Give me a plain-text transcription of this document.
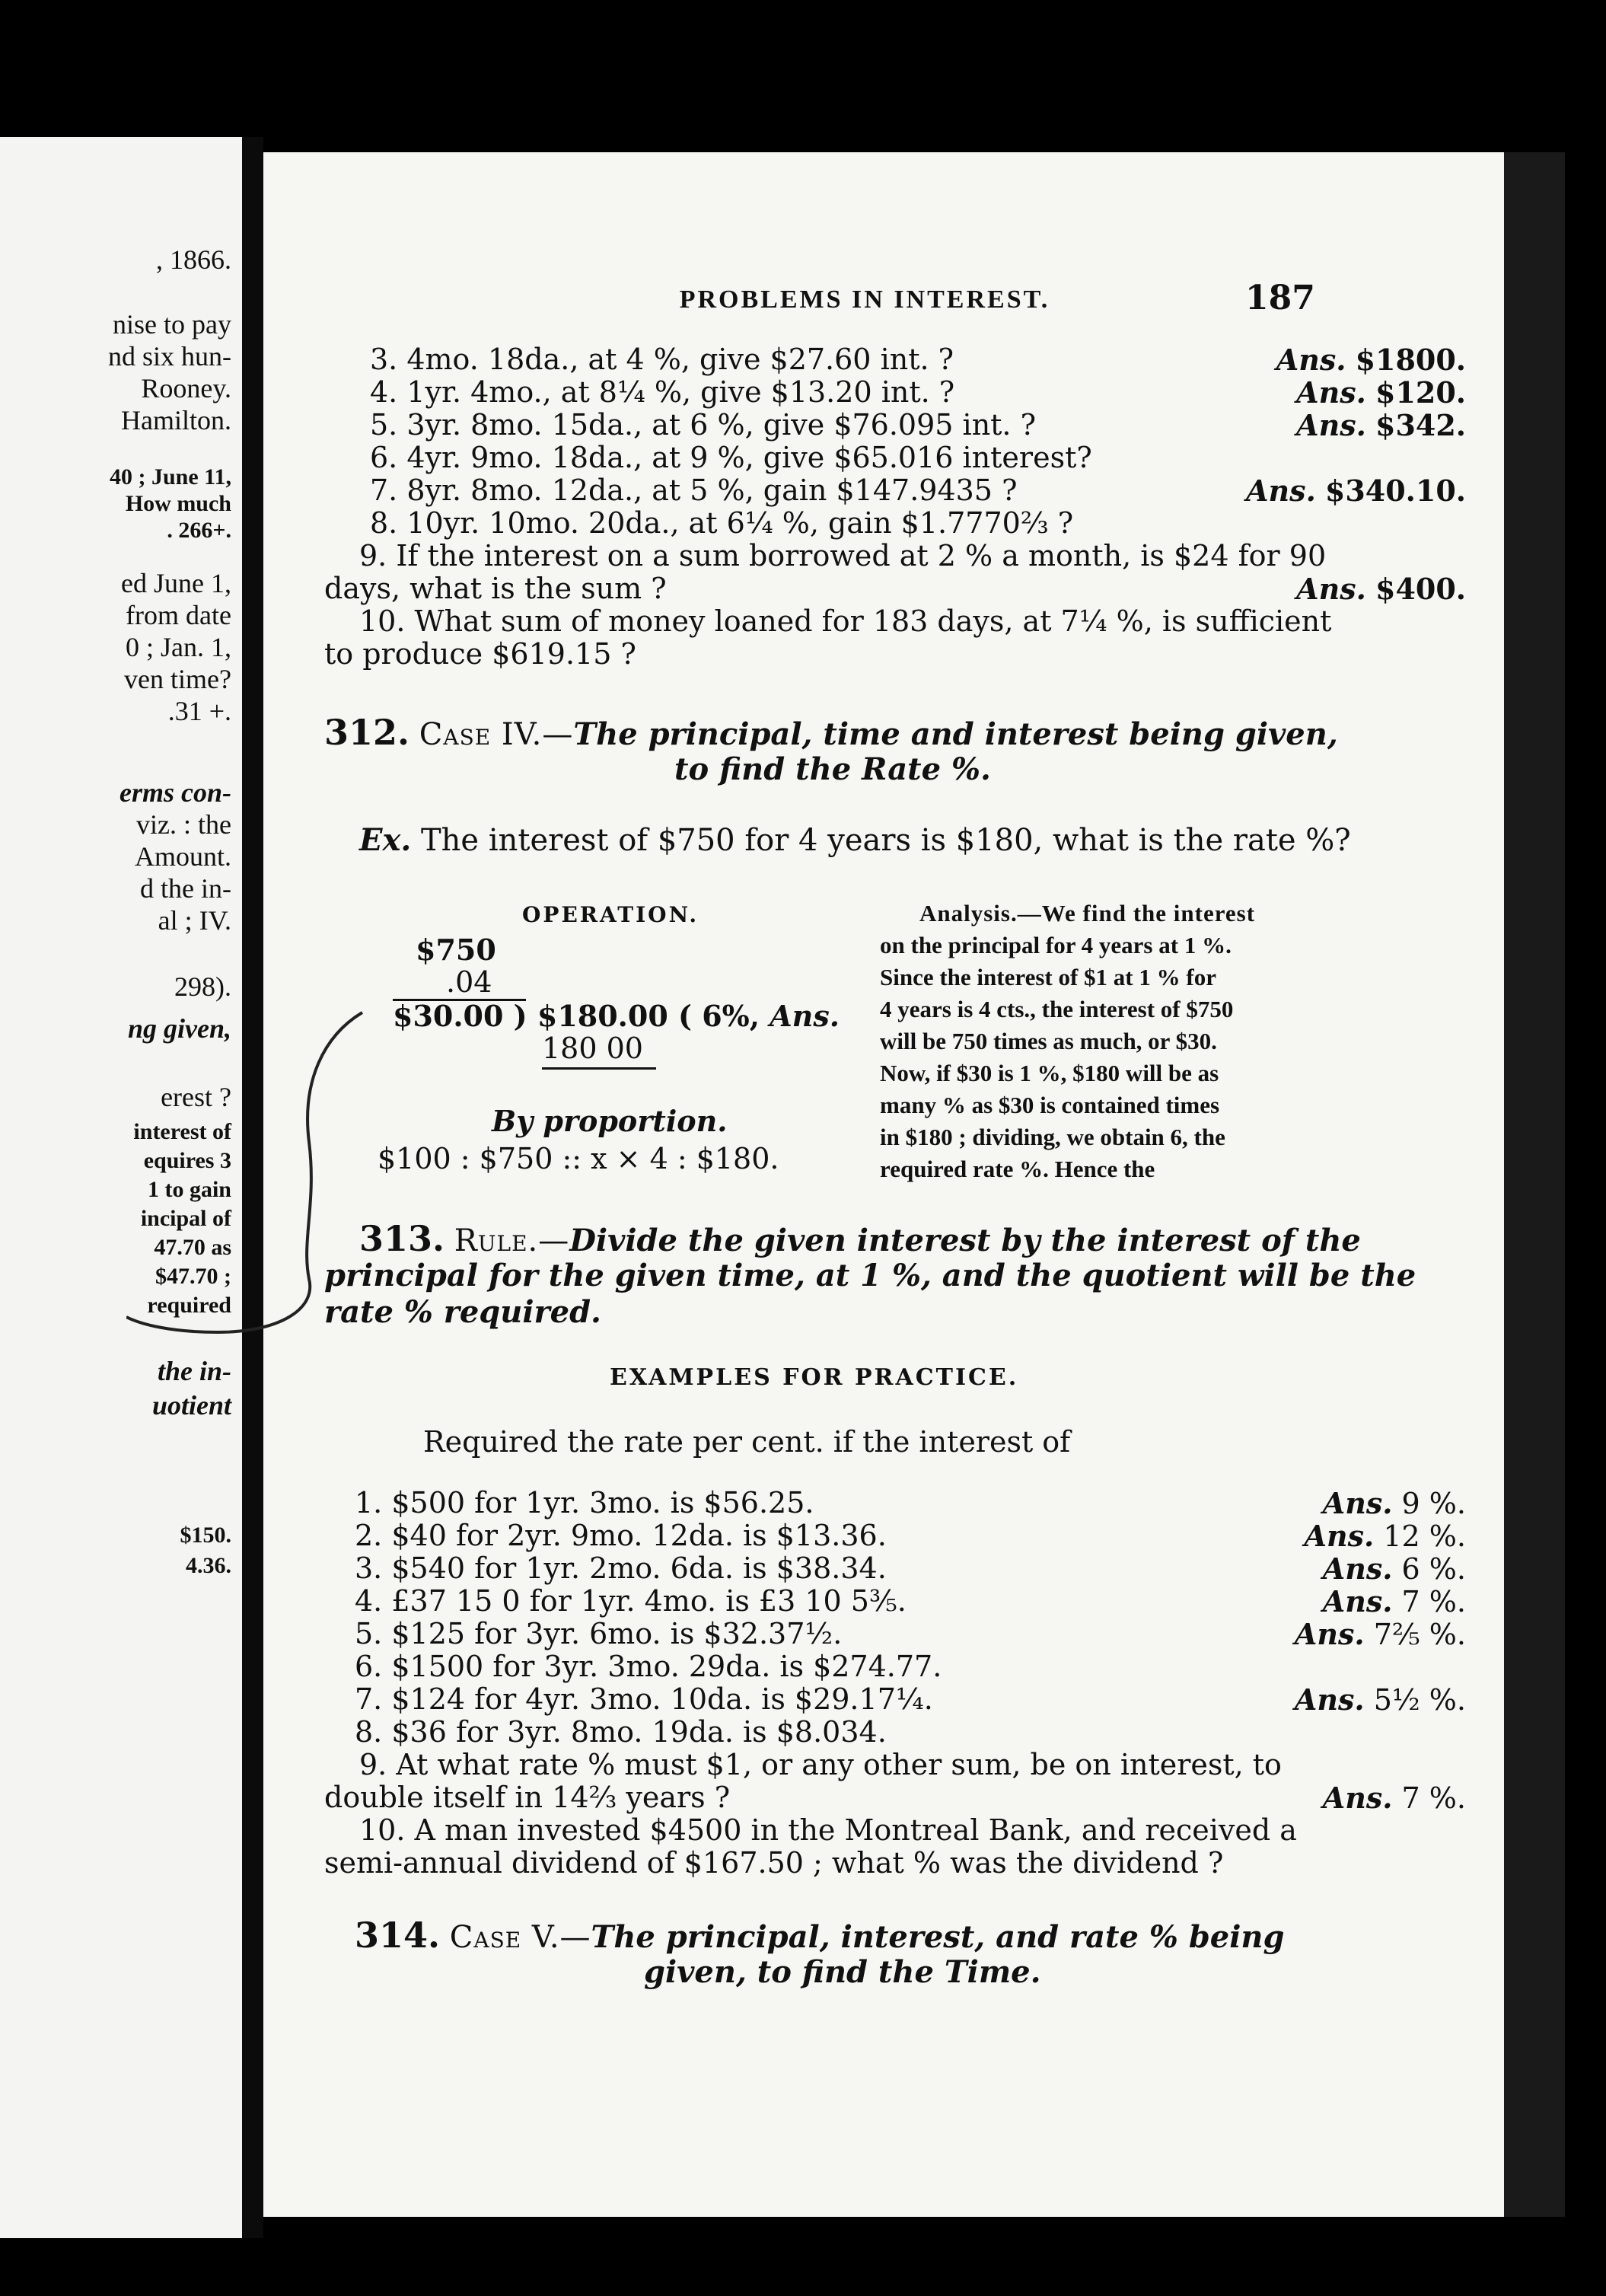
, 1866.
nise to pay
nd six hun-
Rooney.
Hamilton.
40 ; June 11,
How much
. 266+.
ed June 1,
from date
0 ; Jan. 1,
ven time?
.31 +.
erms con-
viz. : the
Amount.
d the in-
al ; IV.
298).
ng given,
erest ?
interest of
equires 3
1 to gain
incipal of
47.70 as
$47.70 ;
required
the in-
uotient
$150.
4.36.
PROBLEMS IN INTEREST.	187
3. 4mo. 18da., at 4 %, give $27.60 int. ?	Ans. $1800.
4. 1yr. 4mo., at 8¼ %, give $13.20 int. ?	Ans. $120.
5. 3yr. 8mo. 15da., at 6 %, give $76.095 int. ?	Ans. $342.
6. 4yr. 9mo. 18da., at 9 %, give $65.016 interest?
7. 8yr. 8mo. 12da., at 5 %, gain $147.9435 ?	Ans. $340.10.
8. 10yr. 10mo. 20da., at 6¼ %, gain $1.7770⅔ ?
9. If the interest on a sum borrowed at 2 % a month, is $24 for 90
days, what is the sum ?	Ans. $400.
10. What sum of money loaned for 183 days, at 7¼ %, is sufficient
to produce $619.15 ?
312. Case IV.—The principal, time and interest being given,
to find the Rate %.
Ex. The interest of $750 for 4 years is $180, what is the rate %?
OPERATION.
$750
.04
$30.00 ) $180.00 ( 6%, Ans.
180 00
By proportion.
$100 : $750 :: x × 4 : $180.
Analysis.—We find the interest
on the principal for 4 years at 1 %.
Since the interest of $1 at 1 % for
4 years is 4 cts., the interest of $750
will be 750 times as much, or $30.
Now, if $30 is 1 %, $180 will be as
many % as $30 is contained times
in $180 ; dividing, we obtain 6, the
required rate %. Hence the
313. Rule.—Divide the given interest by the interest of the
principal for the given time, at 1 %, and the quotient will be the
rate % required.
EXAMPLES FOR PRACTICE.
Required the rate per cent. if the interest of
1. $500 for 1yr. 3mo. is $56.25.	Ans. 9 %.
2. $40 for 2yr. 9mo. 12da. is $13.36.	Ans. 12 %.
3. $540 for 1yr. 2mo. 6da. is $38.34.	Ans. 6 %.
4. £37 15 0 for 1yr. 4mo. is £3 10 5⅗.	Ans. 7 %.
5. $125 for 3yr. 6mo. is $32.37½.	Ans. 7⅖ %.
6. $1500 for 3yr. 3mo. 29da. is $274.77.
7. $124 for 4yr. 3mo. 10da. is $29.17¼.	Ans. 5½ %.
8. $36 for 3yr. 8mo. 19da. is $8.034.
9. At what rate % must $1, or any other sum, be on interest, to
double itself in 14⅔ years ?	Ans. 7 %.
10. A man invested $4500 in the Montreal Bank, and received a
semi-annual dividend of $167.50 ; what % was the dividend ?
314. Case V.—The principal, interest, and rate % being
given, to find the Time.
